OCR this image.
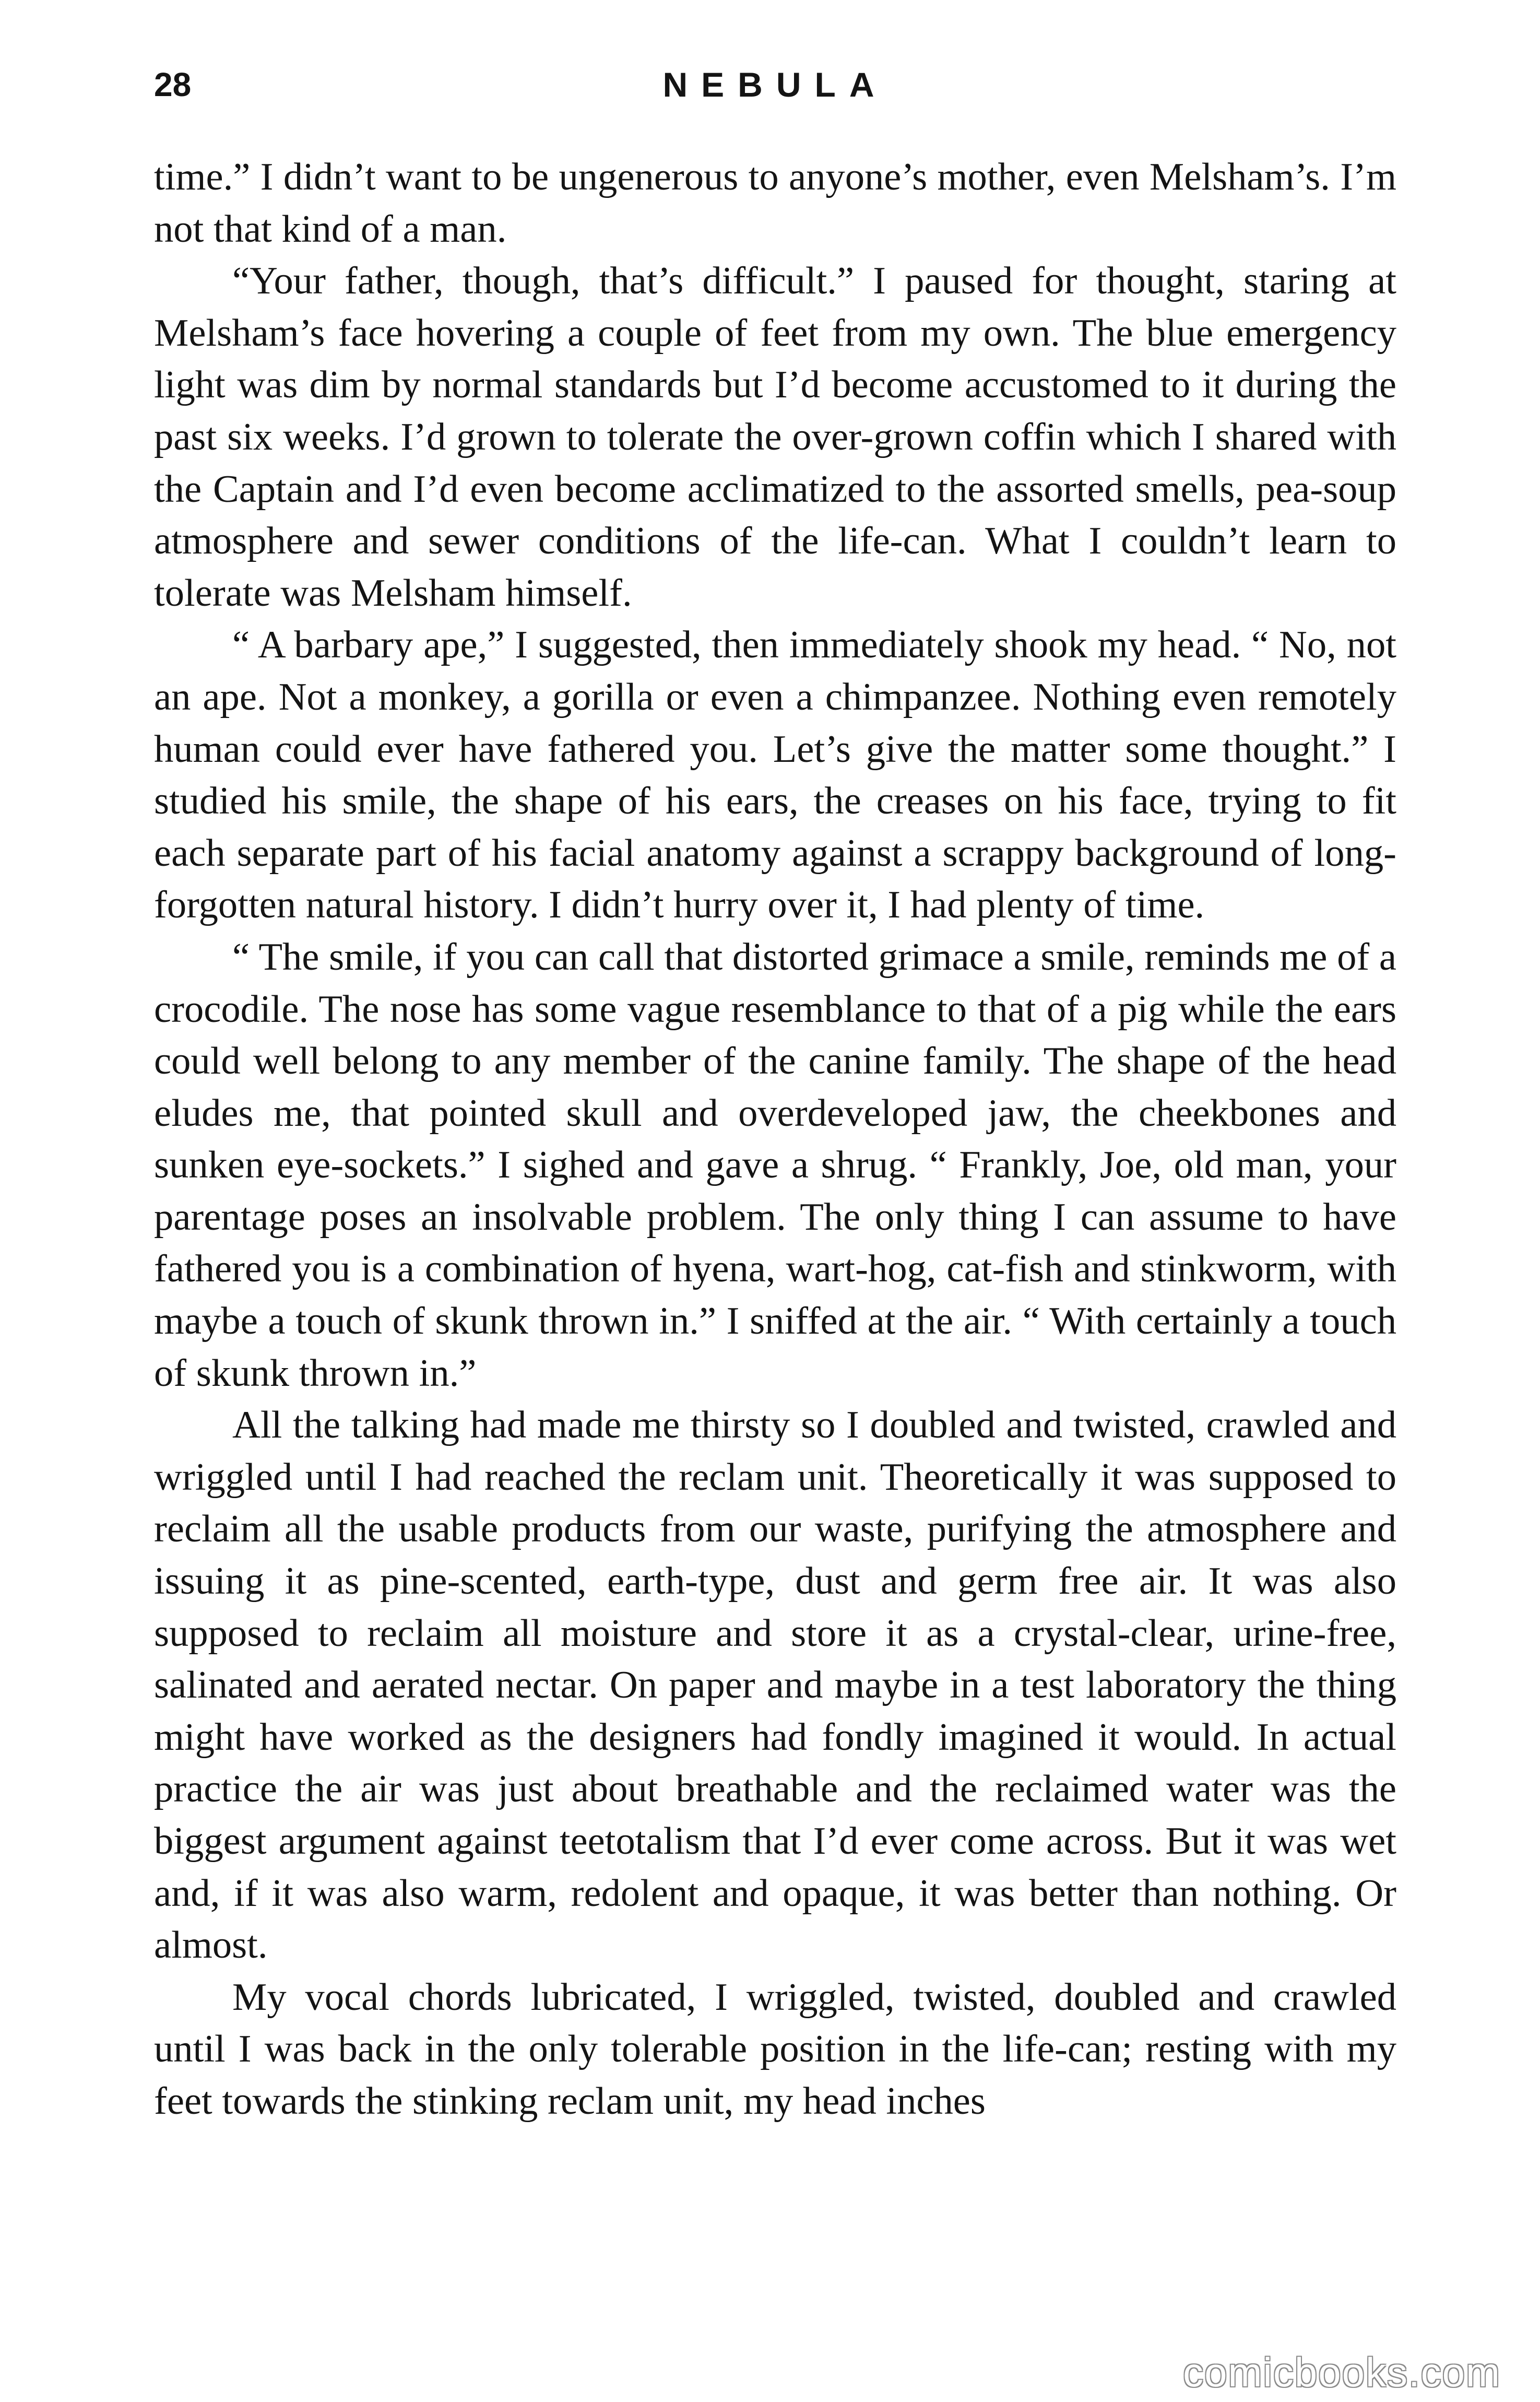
28	NEBULA

time.” I didn’t want to be ungenerous to anyone’s mother, even Melsham’s. I’m not that kind of a man.

“Your father, though, that’s difficult.” I paused for thought, staring at Melsham’s face hovering a couple of feet from my own. The blue emergency light was dim by normal standards but I’d become accustomed to it during the past six weeks. I’d grown to tolerate the over-grown coffin which I shared with the Captain and I’d even become acclimatized to the assorted smells, pea-soup atmosphere and sewer conditions of the life-can. What I couldn’t learn to tolerate was Melsham himself.

“ A barbary ape,” I suggested, then immediately shook my head. “ No, not an ape. Not a monkey, a gorilla or even a chimpanzee. Nothing even remotely human could ever have fathered you. Let’s give the matter some thought.” I studied his smile, the shape of his ears, the creases on his face, trying to fit each separate part of his facial anatomy against a scrappy background of long-forgotten natural history. I didn’t hurry over it, I had plenty of time.

“ The smile, if you can call that distorted grimace a smile, reminds me of a crocodile. The nose has some vague resemblance to that of a pig while the ears could well belong to any member of the canine family. The shape of the head eludes me, that pointed skull and overdeveloped jaw, the cheekbones and sunken eye-sockets.” I sighed and gave a shrug. “ Frankly, Joe, old man, your parentage poses an insolvable problem. The only thing I can assume to have fathered you is a combination of hyena, wart-hog, cat-fish and stinkworm, with maybe a touch of skunk thrown in.” I sniffed at the air. “ With certainly a touch of skunk thrown in.”

All the talking had made me thirsty so I doubled and twisted, crawled and wriggled until I had reached the reclam unit. Theoretically it was supposed to reclaim all the usable products from our waste, purifying the atmosphere and issuing it as pine-scented, earth-type, dust and germ free air. It was also supposed to reclaim all moisture and store it as a crystal-clear, urine-free, salinated and aerated nectar. On paper and maybe in a test laboratory the thing might have worked as the designers had fondly imagined it would. In actual practice the air was just about breathable and the reclaimed water was the biggest argument against teetotalism that I’d ever come across. But it was wet and, if it was also warm, redolent and opaque, it was better than nothing. Or almost.

My vocal chords lubricated, I wriggled, twisted, doubled and crawled until I was back in the only tolerable position in the life-can; resting with my feet towards the stinking reclam unit, my head inches

comicbooks.com
